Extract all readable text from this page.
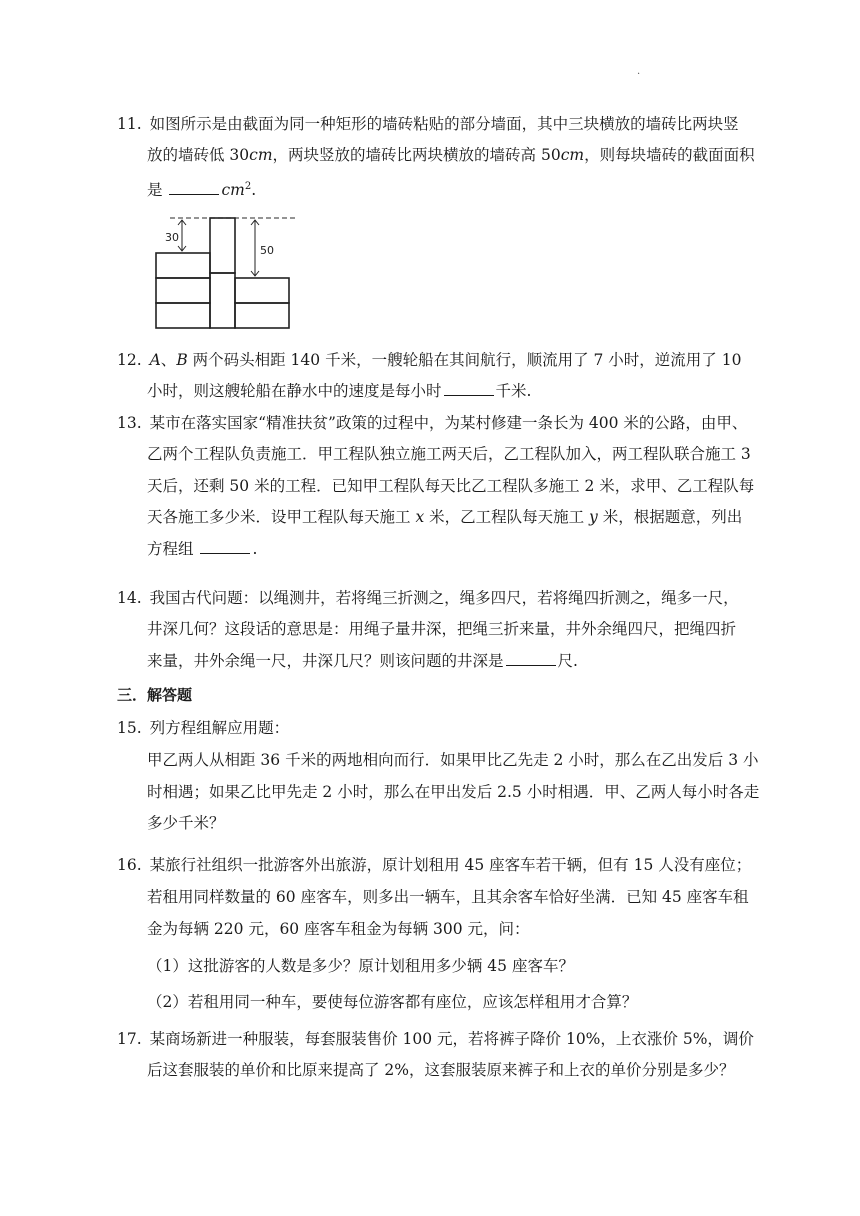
.
11. 如图所示是由截面为同一种矩形的墙砖粘贴的部分墙面，其中三块横放的墙砖比两块竖
放的墙砖低 30cm，两块竖放的墙砖比两块横放的墙砖高 50cm，则每块墙砖的截面面积
是	$cm^2$.
30
50
12. A、B 两个码头相距 140 千米，一艘轮船在其间航行，顺流用了 7 小时，逆流用了 10
小时，则这艘轮船在静水中的速度是每小时	千米.
13. 某市在落实国家“精准扶贫”政策的过程中，为某村修建一条长为 400 米的公路，由甲、
乙两个工程队负责施工．甲工程队独立施工两天后，乙工程队加入，两工程队联合施工 3
天后，还剩 50 米的工程．已知甲工程队每天比乙工程队多施工 2 米，求甲、乙工程队每
天各施工多少米．设甲工程队每天施工 x 米，乙工程队每天施工 y 米，根据题意，列出
方程组	.
14. 我国古代问题：以绳测井，若将绳三折测之，绳多四尺，若将绳四折测之，绳多一尺，
井深几何？这段话的意思是：用绳子量井深，把绳三折来量，井外余绳四尺，把绳四折
来量，井外余绳一尺，井深几尺？则该问题的井深是	尺.
三．解答题
15. 列方程组解应用题：
甲乙两人从相距 36 千米的两地相向而行．如果甲比乙先走 2 小时，那么在乙出发后 3 小
时相遇；如果乙比甲先走 2 小时，那么在甲出发后 2.5 小时相遇．甲、乙两人每小时各走
多少千米？
16. 某旅行社组织一批游客外出旅游，原计划租用 45 座客车若干辆，但有 15 人没有座位；
若租用同样数量的 60 座客车，则多出一辆车，且其余客车恰好坐满．已知 45 座客车租
金为每辆 220 元，60 座客车租金为每辆 300 元，问：
（1）这批游客的人数是多少？原计划租用多少辆 45 座客车？
（2）若租用同一种车，要使每位游客都有座位，应该怎样租用才合算？
17. 某商场新进一种服装，每套服装售价 100 元，若将裤子降价 10%，上衣涨价 5%，调价
后这套服装的单价和比原来提高了 2%，这套服装原来裤子和上衣的单价分别是多少？
